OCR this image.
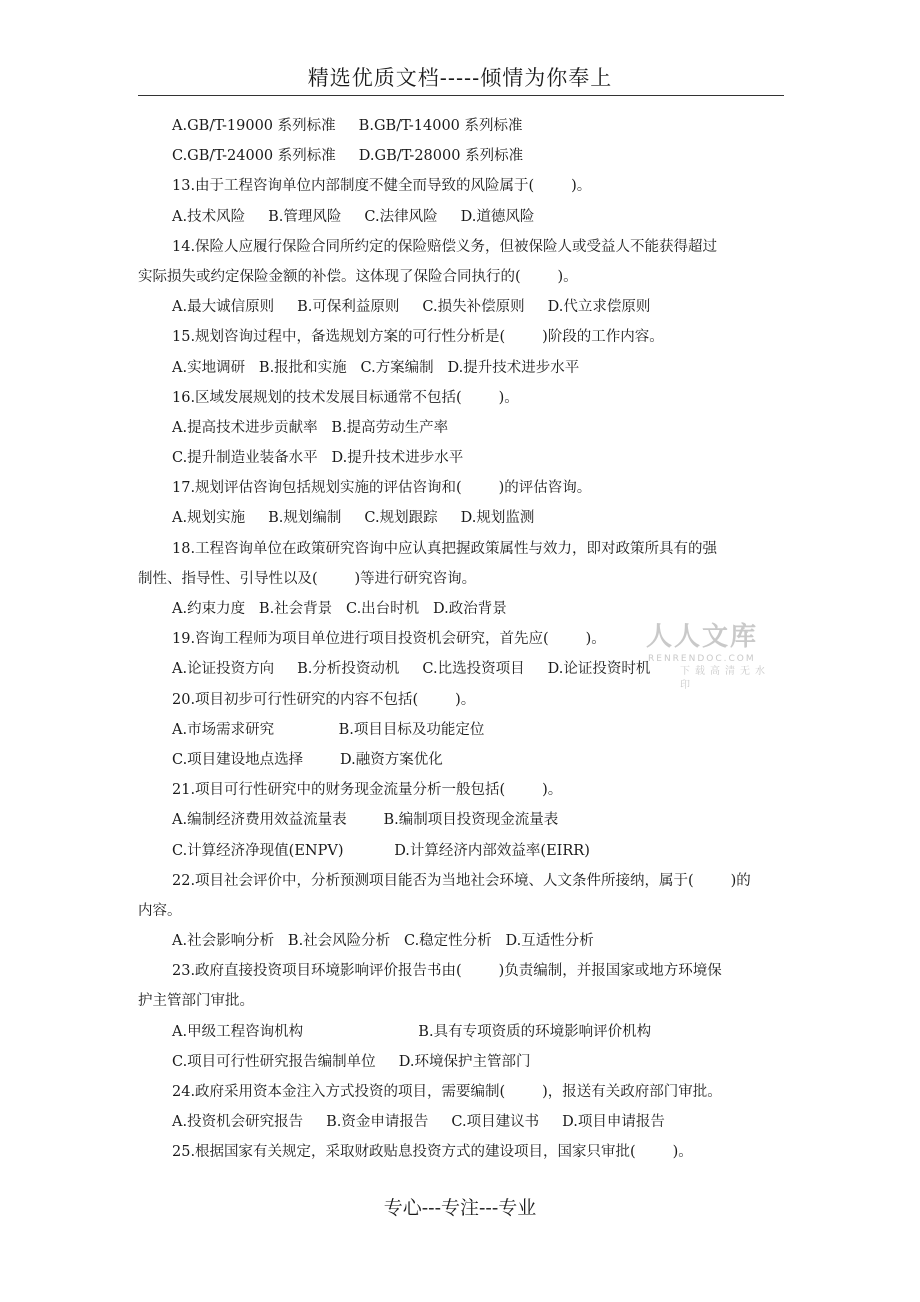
精选优质文档-----倾情为你奉上
A.GB/T-19000 系列标准     B.GB/T-14000 系列标准
C.GB/T-24000 系列标准     D.GB/T-28000 系列标准
13.由于工程咨询单位内部制度不健全而导致的风险属于(        )。
A.技术风险     B.管理风险     C.法律风险     D.道德风险
14.保险人应履行保险合同所约定的保险赔偿义务，但被保险人或受益人不能获得超过
实际损失或约定保险金额的补偿。这体现了保险合同执行的(        )。
A.最大诚信原则     B.可保利益原则     C.损失补偿原则     D.代立求偿原则
15.规划咨询过程中，备选规划方案的可行性分析是(        )阶段的工作内容。
A.实地调研   B.报批和实施   C.方案编制   D.提升技术进步水平
16.区域发展规划的技术发展目标通常不包括(        )。
A.提高技术进步贡献率   B.提高劳动生产率
C.提升制造业装备水平   D.提升技术进步水平
17.规划评估咨询包括规划实施的评估咨询和(        )的评估咨询。
A.规划实施     B.规划编制     C.规划跟踪     D.规划监测
18.工程咨询单位在政策研究咨询中应认真把握政策属性与效力，即对政策所具有的强
制性、指导性、引导性以及(        )等进行研究咨询。
A.约束力度   B.社会背景   C.出台时机   D.政治背景
19.咨询工程师为项目单位进行项目投资机会研究，首先应(        )。
A.论证投资方向     B.分析投资动机     C.比选投资项目     D.论证投资时机
20.项目初步可行性研究的内容不包括(        )。
A.市场需求研究              B.项目目标及功能定位
C.项目建设地点选择        D.融资方案优化
21.项目可行性研究中的财务现金流量分析一般包括(        )。
A.编制经济费用效益流量表        B.编制项目投资现金流量表
C.计算经济净现值(ENPV)           D.计算经济内部效益率(EIRR)
22.项目社会评价中，分析预测项目能否为当地社会环境、人文条件所接纳，属于(        )的
内容。
A.社会影响分析   B.社会风险分析   C.稳定性分析   D.互适性分析
23.政府直接投资项目环境影响评价报告书由(        )负责编制，并报国家或地方环境保
护主管部门审批。
A.甲级工程咨询机构                         B.具有专项资质的环境影响评价机构
C.项目可行性研究报告编制单位     D.环境保护主管部门
24.政府采用资本金注入方式投资的项目，需要编制(        )，报送有关政府部门审批。
A.投资机会研究报告     B.资金申请报告     C.项目建议书     D.项目申请报告
25.根据国家有关规定，采取财政贴息投资方式的建设项目，国家只审批(        )。
人人文库
RENRENDOC.COM
下载高清无水印
专心---专注---专业
